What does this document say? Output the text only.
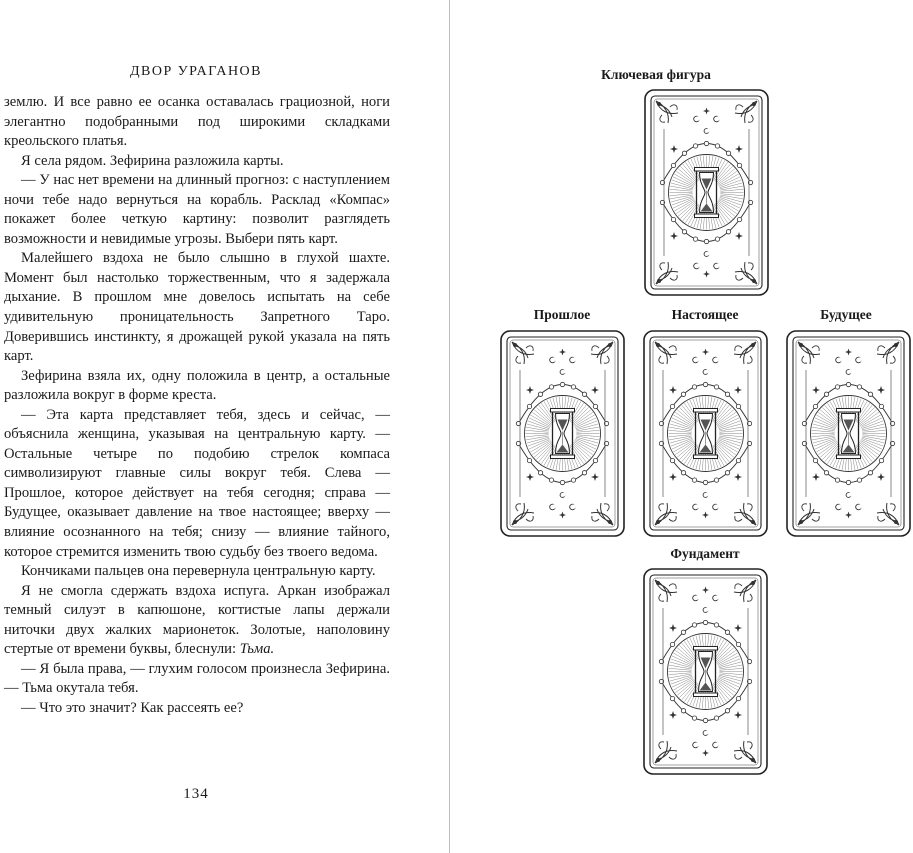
ДВОР УРАГАНОВ

землю. И все равно ее осанка оставалась грациозной, ноги элегантно подобранными под широкими складками креольского платья.

Я села рядом. Зефирина разложила карты.

— У нас нет времени на длинный прогноз: с наступлением ночи тебе надо вернуться на корабль. Расклад «Компас» покажет более четкую картину: позволит разглядеть возможности и невидимые угрозы. Выбери пять карт.

Малейшего вздоха не было слышно в глухой шахте. Момент был настолько торжественным, что я задержала дыхание. В прошлом мне довелось испытать на себе удивительную проницательность Запретного Таро. Доверившись инстинкту, я дрожащей рукой указала на пять карт.

Зефирина взяла их, одну положила в центр, а остальные разложила вокруг в форме креста.

— Эта карта представляет тебя, здесь и сейчас, — объяснила женщина, указывая на центральную карту. — Остальные четыре по подобию стрелок компаса символизируют главные силы вокруг тебя. Слева — Прошлое, которое действует на тебя сегодня; справа — Будущее, оказывает давление на твое настоящее; вверху — влияние осознанного на тебя; снизу — влияние тайного, которое стремится изменить твою судьбу без твоего ведома.

Кончиками пальцев она перевернула центральную карту.

Я не смогла сдержать вздоха испуга. Аркан изображал темный силуэт в капюшоне, когтистые лапы держали ниточки двух жалких марионеток. Золотые, наполовину стертые от времени буквы, блеснули: Тьма.

— Я была права, — глухим голосом произнесла Зефирина. — Тьма окутала тебя.

— Что это значит? Как рассеять ее?

134
Ключевая фигура
Прошлое	Настоящее	Будущее
Фундамент
